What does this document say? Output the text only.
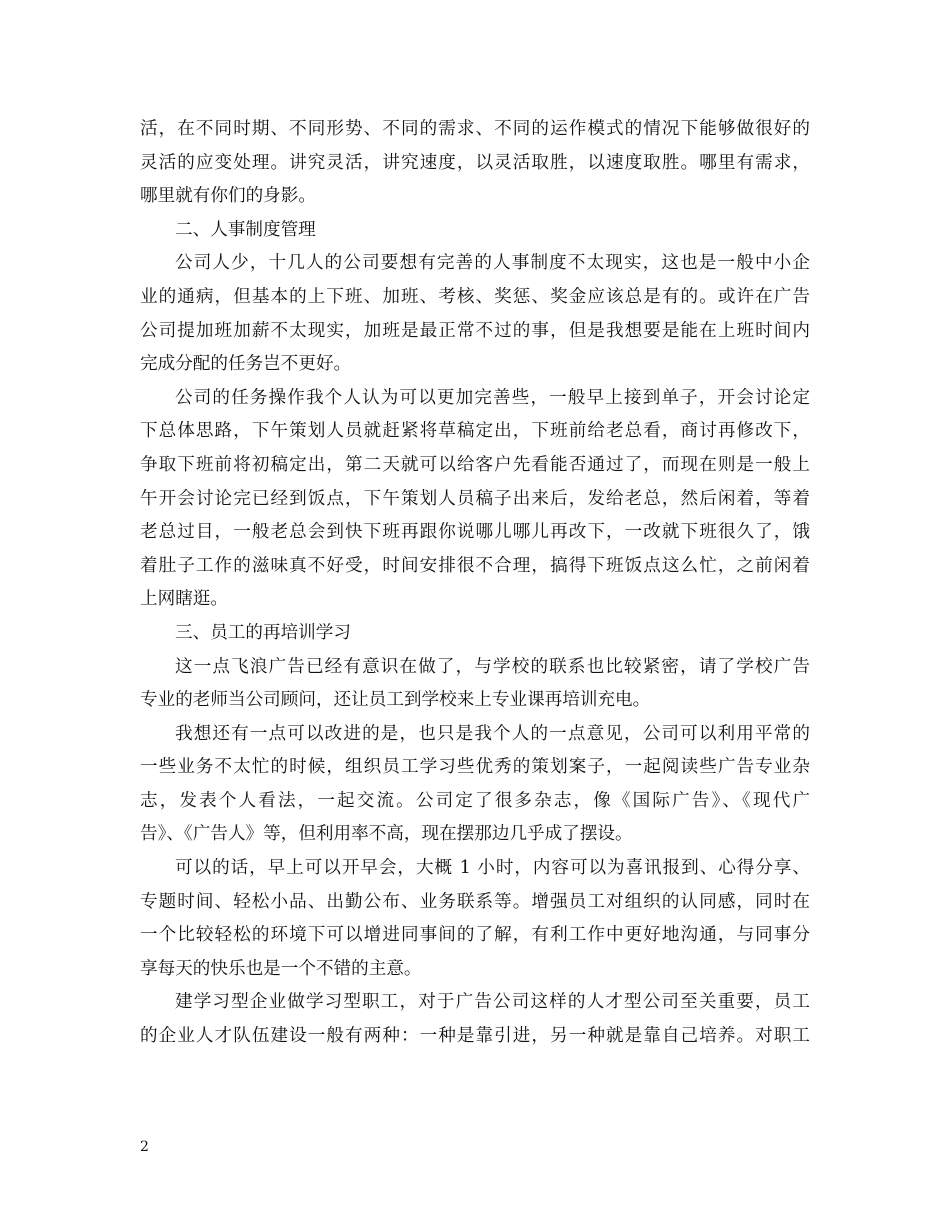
活，在不同时期、不同形势、不同的需求、不同的运作模式的情况下能够做很好的
灵活的应变处理。讲究灵活，讲究速度，以灵活取胜，以速度取胜。哪里有需求，
哪里就有你们的身影。
二、人事制度管理
公司人少，十几人的公司要想有完善的人事制度不太现实，这也是一般中小企
业的通病，但基本的上下班、加班、考核、奖惩、奖金应该总是有的。或许在广告
公司提加班加薪不太现实，加班是最正常不过的事，但是我想要是能在上班时间内
完成分配的任务岂不更好。
公司的任务操作我个人认为可以更加完善些，一般早上接到单子，开会讨论定
下总体思路，下午策划人员就赶紧将草稿定出，下班前给老总看，商讨再修改下，
争取下班前将初稿定出，第二天就可以给客户先看能否通过了，而现在则是一般上
午开会讨论完已经到饭点，下午策划人员稿子出来后，发给老总，然后闲着，等着
老总过目，一般老总会到快下班再跟你说哪儿哪儿再改下，一改就下班很久了，饿
着肚子工作的滋味真不好受，时间安排很不合理，搞得下班饭点这么忙，之前闲着
上网瞎逛。
三、员工的再培训学习
这一点飞浪广告已经有意识在做了，与学校的联系也比较紧密，请了学校广告
专业的老师当公司顾问，还让员工到学校来上专业课再培训充电。
我想还有一点可以改进的是，也只是我个人的一点意见，公司可以利用平常的
一些业务不太忙的时候，组织员工学习些优秀的策划案子，一起阅读些广告专业杂
志，发表个人看法，一起交流。公司定了很多杂志，像《国际广告》、《现代广
告》、《广告人》等，但利用率不高，现在摆那边几乎成了摆设。
可以的话，早上可以开早会，大概 1 小时，内容可以为喜讯报到、心得分享、
专题时间、轻松小品、出勤公布、业务联系等。增强员工对组织的认同感，同时在
一个比较轻松的环境下可以增进同事间的了解，有利工作中更好地沟通，与同事分
享每天的快乐也是一个不错的主意。
建学习型企业做学习型职工，对于广告公司这样的人才型公司至关重要，员工
的企业人才队伍建设一般有两种：一种是靠引进，另一种就是靠自己培养。对职工
2
